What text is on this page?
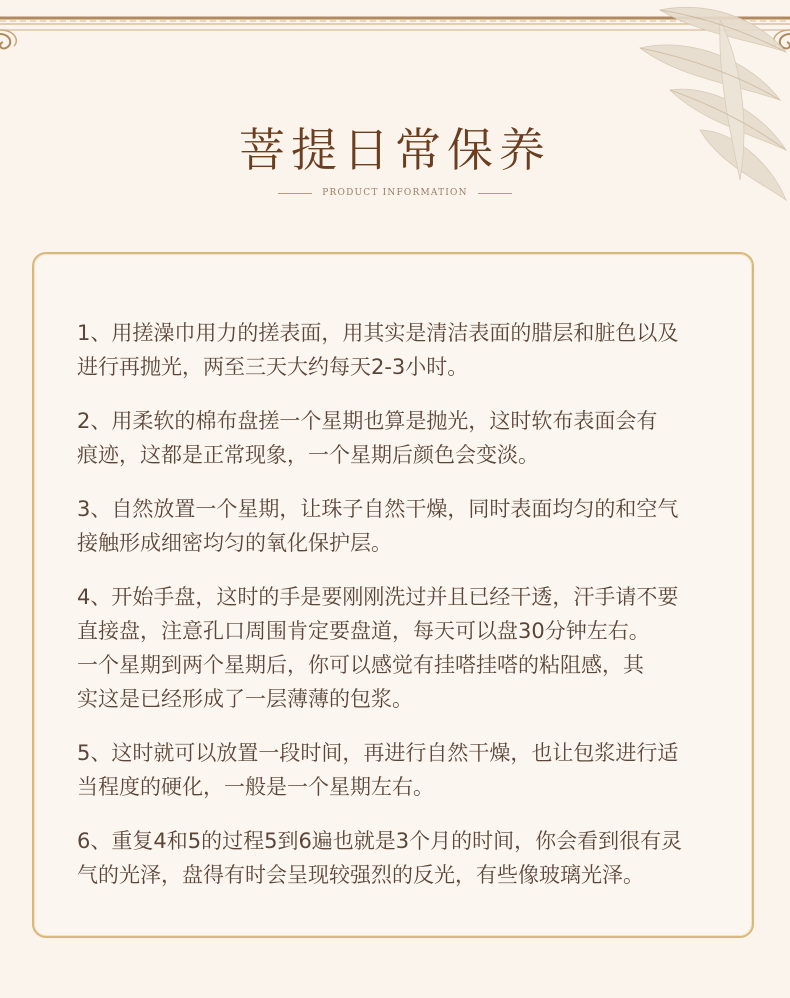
菩提日常保养
PRODUCT INFORMATION

1、用搓澡巾用力的搓表面，用其实是清洁表面的腊层和脏色以及
进行再抛光，两至三天大约每天2-3小时。

2、用柔软的棉布盘搓一个星期也算是抛光，这时软布表面会有
痕迹，这都是正常现象，一个星期后颜色会变淡。

3、自然放置一个星期，让珠子自然干燥，同时表面均匀的和空气
接触形成细密均匀的氧化保护层。

4、开始手盘，这时的手是要刚刚洗过并且已经干透，汗手请不要
直接盘，注意孔口周围肯定要盘道，每天可以盘30分钟左右。
一个星期到两个星期后，你可以感觉有挂嗒挂嗒的粘阻感，其
实这是已经形成了一层薄薄的包浆。

5、这时就可以放置一段时间，再进行自然干燥，也让包浆进行适
当程度的硬化，一般是一个星期左右。

6、重复4和5的过程5到6遍也就是3个月的时间，你会看到很有灵
气的光泽，盘得有时会呈现较强烈的反光，有些像玻璃光泽。
